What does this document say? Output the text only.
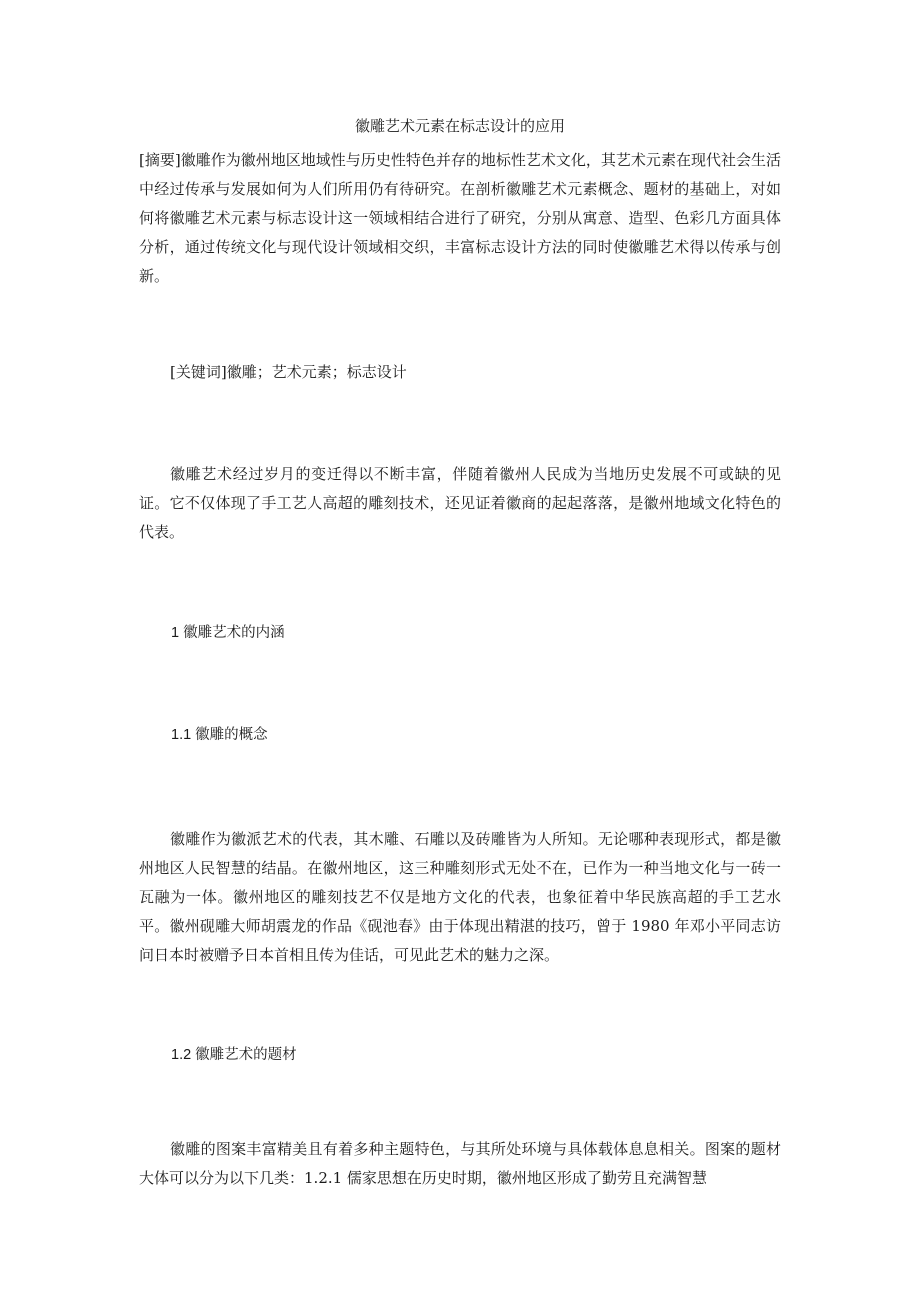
徽雕艺术元素在标志设计的应用
[摘要]徽雕作为徽州地区地域性与历史性特色并存的地标性艺术文化，其艺术元素在现代社会生活中经过传承与发展如何为人们所用仍有待研究。在剖析徽雕艺术元素概念、题材的基础上，对如何将徽雕艺术元素与标志设计这一领域相结合进行了研究，分别从寓意、造型、色彩几方面具体分析，通过传统文化与现代设计领域相交织，丰富标志设计方法的同时使徽雕艺术得以传承与创新。
[关键词]徽雕；艺术元素；标志设计
徽雕艺术经过岁月的变迁得以不断丰富，伴随着徽州人民成为当地历史发展不可或缺的见证。它不仅体现了手工艺人高超的雕刻技术，还见证着徽商的起起落落，是徽州地域文化特色的代表。
1 徽雕艺术的内涵
1.1 徽雕的概念
徽雕作为徽派艺术的代表，其木雕、石雕以及砖雕皆为人所知。无论哪种表现形式，都是徽州地区人民智慧的结晶。在徽州地区，这三种雕刻形式无处不在，已作为一种当地文化与一砖一瓦融为一体。徽州地区的雕刻技艺不仅是地方文化的代表，也象征着中华民族高超的手工艺水平。徽州砚雕大师胡震龙的作品《砚池春》由于体现出精湛的技巧，曾于 1980 年邓小平同志访问日本时被赠予日本首相且传为佳话，可见此艺术的魅力之深。
1.2 徽雕艺术的题材
徽雕的图案丰富精美且有着多种主题特色，与其所处环境与具体载体息息相关。图案的题材大体可以分为以下几类：1.2.1 儒家思想在历史时期，徽州地区形成了勤劳且充满智慧
